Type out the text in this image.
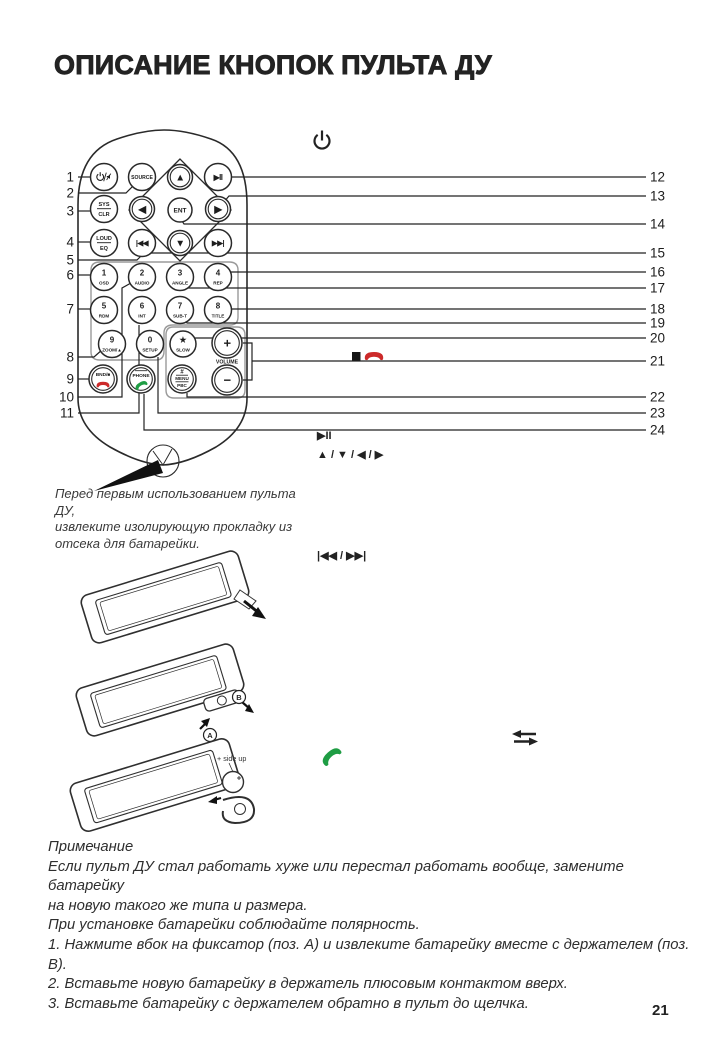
ОПИСАНИЕ КНОПОК ПУЛЬТА ДУ
1
2
3
4
5
6
7
8
9
10
11
12
13
14
15
16
17
18
19
20
21
22
23
24
SOURCE ▲	▶II
SYS
CLR	◀	ENT	▶
LOUD
EQ
|◀◀	▼	▶▶|
1
OSD
2
AUDIO
3
ANGLE
4
REP
5
RDM
6
INT
7
SUB-T
8
TITLE
9
ZOOM/▲
0
SETUP
★
SLOW	+
−
BND/■	PHONE
#
MENU
PBC
VOLUME
▶II
▲ / ▼ / ◀ / ▶
|◀◀ / ▶▶|
Перед первым использованием пульта ДУ,
извлеките изолирующую прокладку из
отсека для батарейки.
B
A
+ side up
Примечание
Если пульт ДУ стал работать хуже или перестал работать вообще, замените батарейку
на новую такого же типа и размера.
При установке батарейки соблюдайте полярность.
1. Нажмите вбок на фиксатор (поз. А) и извлеките батарейку вместе с держателем (поз. В).
2. Вставьте новую батарейку в держатель плюсовым контактом вверх.
3. Вставьте батарейку с держателем обратно в пульт до щелчка.	21
